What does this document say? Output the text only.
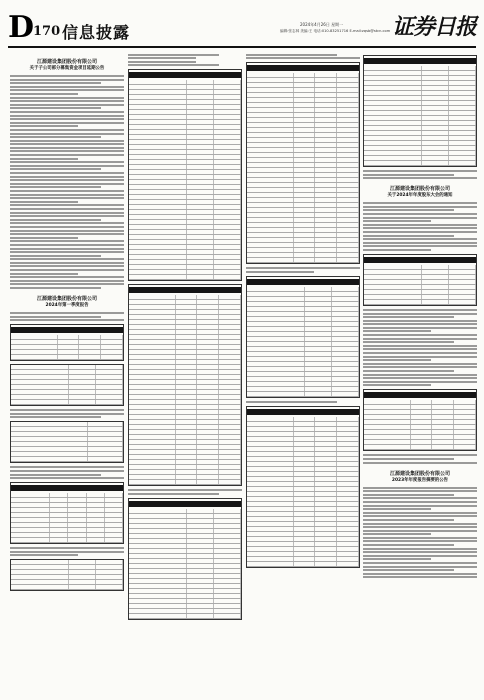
D 170 信息披露	2024年4月26日 星期一
编辑:张志林 美编:王 电话:010-83251716 E-mail:zqsb@stcn.com 证券日报
江源建设集团股份有限公司
关于子公司部分募集资金项目延期公告
江源建设集团股份有限公司
2024年第一季度报告
江源建设集团股份有限公司
关于2024年年度股东大会的通知
江源建设集团股份有限公司
2023年年度报告摘要的公告
